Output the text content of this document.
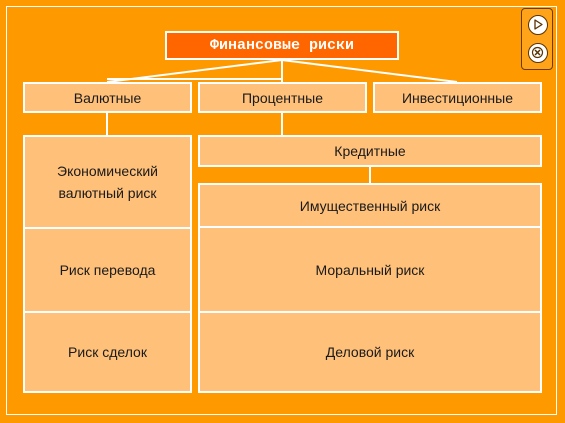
Финансовые риски
Валютные	Процентные	Инвестиционные
Экономический валютный риск
Риск перевода
Риск сделок
Кредитные
Имущественный риск
Моральный риск
Деловой риск
